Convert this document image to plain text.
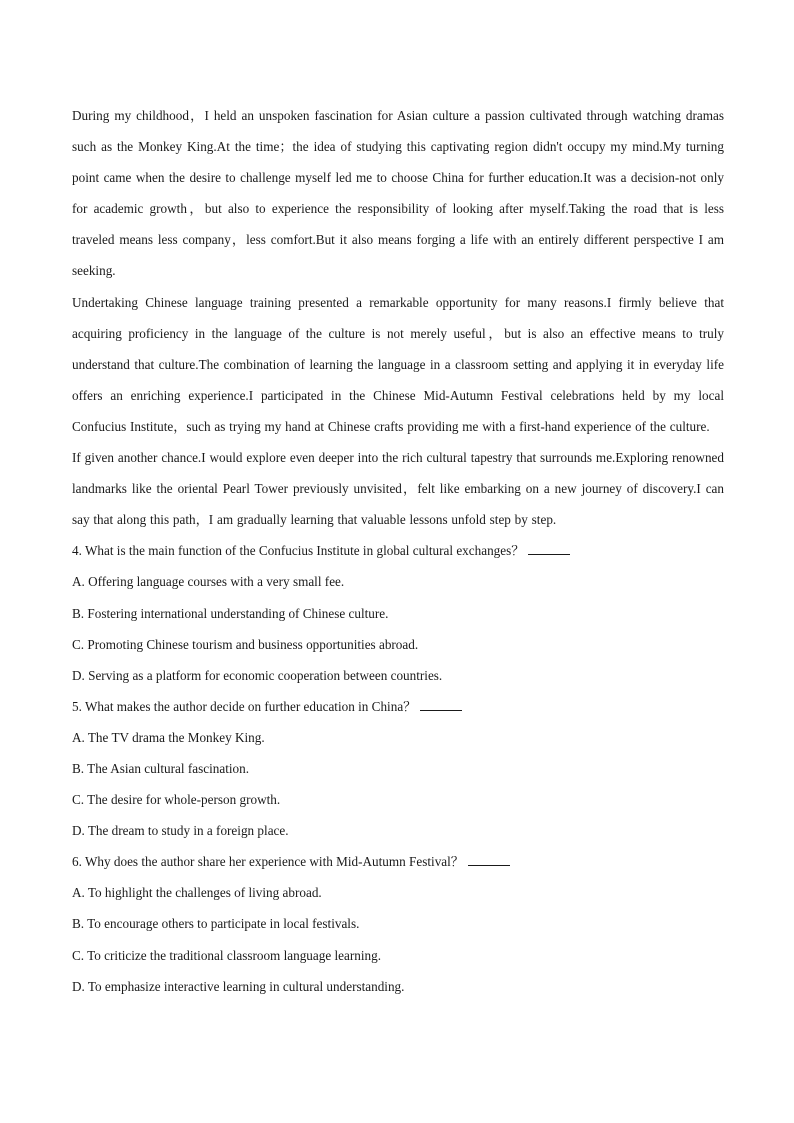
During my childhood，I held an unspoken fascination for Asian culture a passion cultivated through watching dramas such as the Monkey King.At the time；the idea of studying this captivating region didn't occupy my mind.My turning point came when the desire to challenge myself led me to choose China for further education.It was a decision-not only for academic growth，but also to experience the responsibility of looking after myself.Taking the road that is less traveled means less company，less comfort.But it also means forging a life with an entirely different perspective I am seeking.

Undertaking Chinese language training presented a remarkable opportunity for many reasons.I firmly believe that acquiring proficiency in the language of the culture is not merely useful，but is also an effective means to truly understand that culture.The combination of learning the language in a classroom setting and applying it in everyday life offers an enriching experience.I participated in the Chinese Mid-Autumn Festival celebrations held by my local Confucius Institute，such as trying my hand at Chinese crafts providing me with a first-hand experience of the culture.

If given another chance.I would explore even deeper into the rich cultural tapestry that surrounds me.Exploring renowned landmarks like the oriental Pearl Tower previously unvisited，felt like embarking on a new journey of discovery.I can say that along this path，I am gradually learning that valuable lessons unfold step by step.

4. What is the main function of the Confucius Institute in global cultural exchanges？

A. Offering language courses with a very small fee.

B. Fostering international understanding of Chinese culture.

C. Promoting Chinese tourism and business opportunities abroad.

D. Serving as a platform for economic cooperation between countries.

5. What makes the author decide on further education in China？

A. The TV drama the Monkey King.

B. The Asian cultural fascination.

C. The desire for whole-person growth.

D. The dream to study in a foreign place.

6. Why does the author share her experience with Mid-Autumn Festival？

A. To highlight the challenges of living abroad.

B. To encourage others to participate in local festivals.

C. To criticize the traditional classroom language learning.

D. To emphasize interactive learning in cultural understanding.
